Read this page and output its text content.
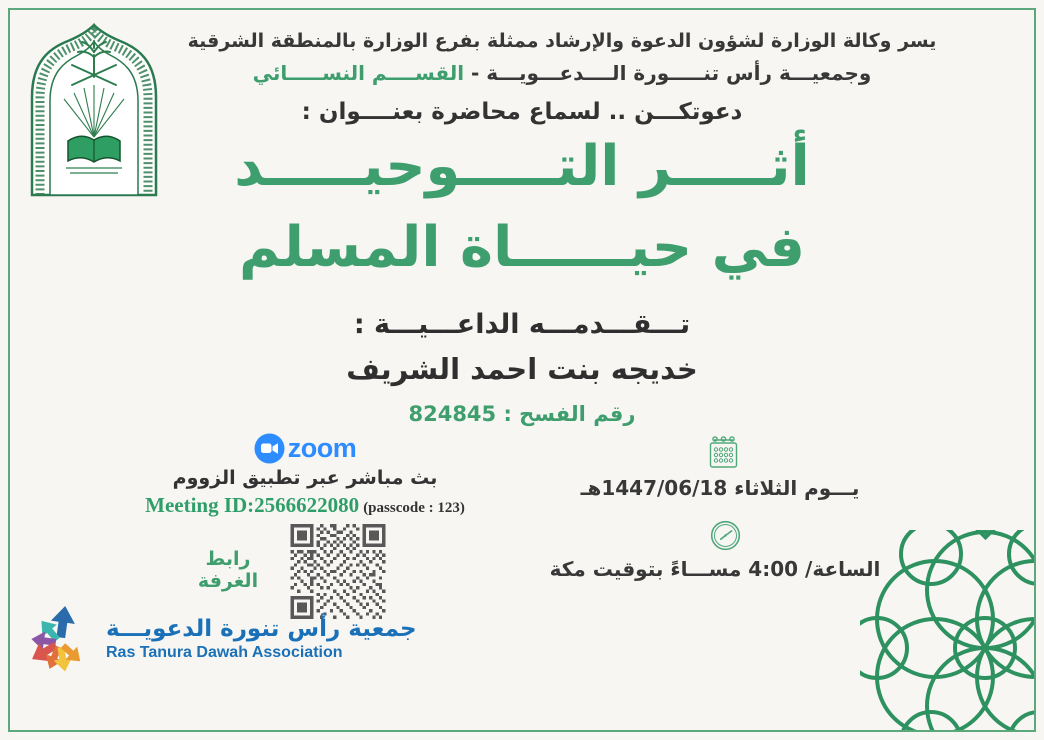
يسر وكالة الوزارة لشؤون الدعوة والإرشاد ممثلة بفرع الوزارة بالمنطقة الشرقية
وجمعيـــة رأس تنـــــورة الــــدعـــويـــة - القســــم النســـــائي
دعوتكـــن .. لسماع محاضرة بعنــــوان :
أثـــــر التـــــوحيـــــد
في حيــــــاة المسلم
تـــقـــدمـــه الداعـــيـــة :
خديجه بنت احمد الشريف
رقم الفسح : 824845
zoom
بث مباشر عبر تطبيق الزووم
Meeting ID:2566622080 (passcode : 123)
رابط الغرفة
يـــوم الثلاثاء 1447/06/18هـ
الساعة/ 4:00 مســـاءً بتوقيت مكة
جمعية رأس تنورة الدعويـــة
Ras Tanura Dawah Association
